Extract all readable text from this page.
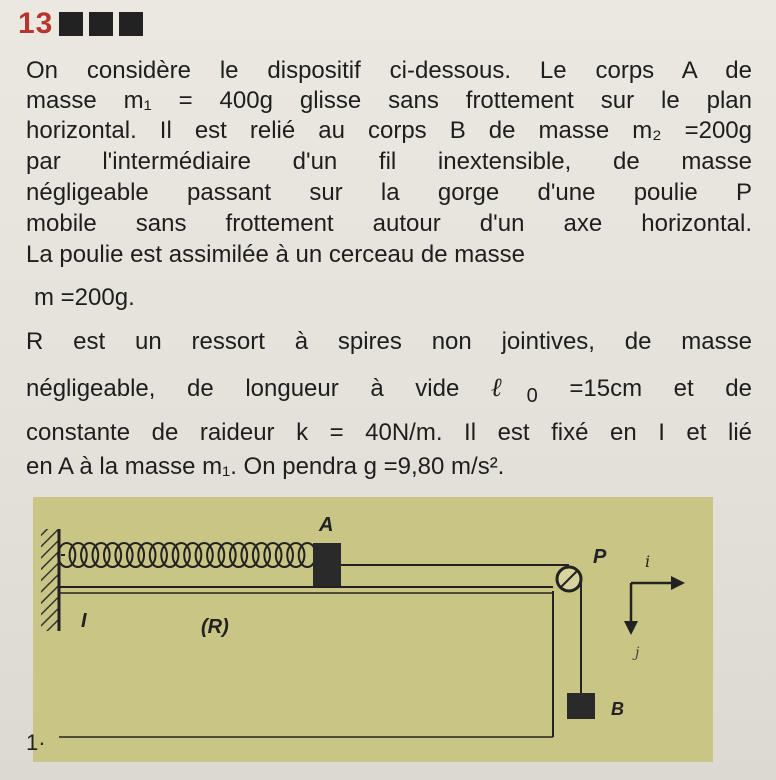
13
On considère le dispositif ci-dessous. Le corps A de
masse m₁ = 400g glisse sans frottement sur le plan
horizontal. Il est relié au corps B de masse m₂ =200g
par l'intermédiaire d'un fil inextensible, de masse
négligeable passant sur la gorge d'une poulie P
mobile sans frottement autour d'un axe horizontal.
La poulie est assimilée à un cerceau de masse
m =200g.
R est un ressort à spires non jointives, de masse
négligeable, de longueur à vide ℓ$_0$ =15cm et de
constante de raideur k = 40N/m. Il est fixé en I et lié
en A à la masse m₁. On pendra g =9,80 m/s².
A
P
B
I	(R)
i
j
1·
